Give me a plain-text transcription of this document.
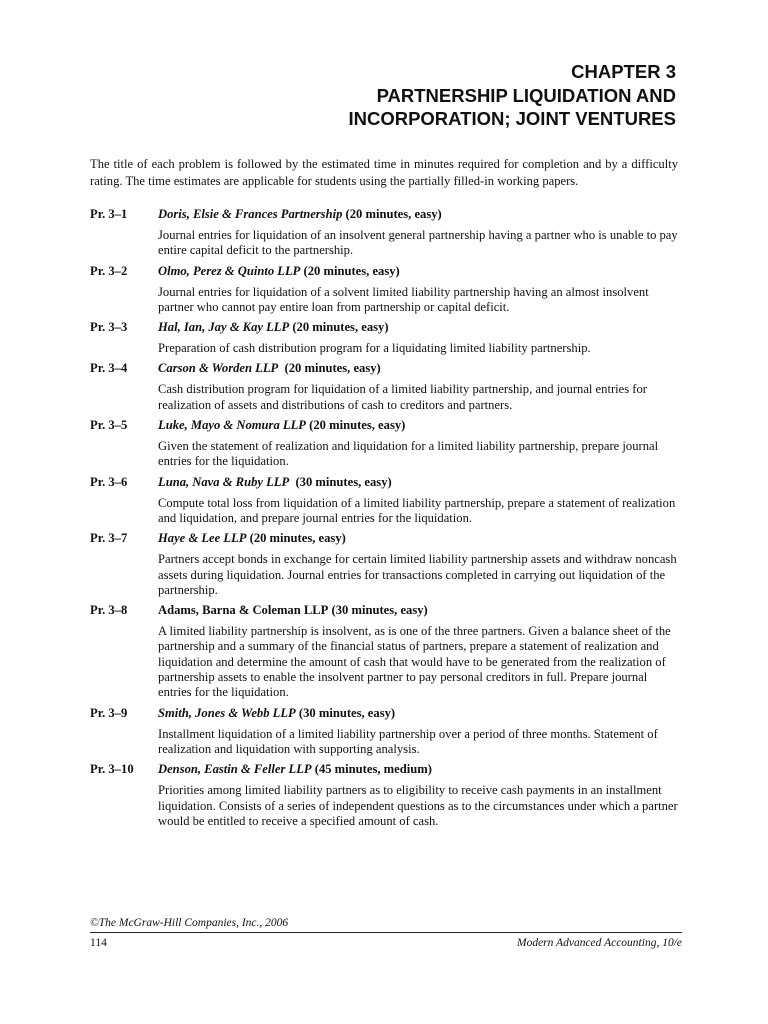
CHAPTER 3
PARTNERSHIP LIQUIDATION AND
INCORPORATION; JOINT VENTURES
The title of each problem is followed by the estimated time in minutes required for completion and by a difficulty rating. The time estimates are applicable for students using the partially filled-in working papers.
Pr. 3–1	Doris, Elsie & Frances Partnership (20 minutes, easy)
Journal entries for liquidation of an insolvent general partnership having a partner who is unable to pay entire capital deficit to the partnership.
Pr. 3–2	Olmo, Perez & Quinto LLP (20 minutes, easy)
Journal entries for liquidation of a solvent limited liability partnership having an almost insolvent partner who cannot pay entire loan from partnership or capital deficit.
Pr. 3–3	Hal, Ian, Jay & Kay LLP (20 minutes, easy)
Preparation of cash distribution program for a liquidating limited liability partnership.
Pr. 3–4	Carson & Worden LLP  (20 minutes, easy)
Cash distribution program for liquidation of a limited liability partnership, and journal entries for realization of assets and distributions of cash to creditors and partners.
Pr. 3–5	Luke, Mayo & Nomura LLP (20 minutes, easy)
Given the statement of realization and liquidation for a limited liability partnership, prepare journal entries for the liquidation.
Pr. 3–6	Luna, Nava & Ruby LLP  (30 minutes, easy)
Compute total loss from liquidation of a limited liability partnership, prepare a statement of realization and liquidation, and prepare journal entries for the liquidation.
Pr. 3–7	Haye & Lee LLP (20 minutes, easy)
Partners accept bonds in exchange for certain limited liability partnership assets and withdraw noncash assets during liquidation. Journal entries for transactions completed in carrying out liquidation of the partnership.
Pr. 3–8	Adams, Barna & Coleman LLP (30 minutes, easy)
A limited liability partnership is insolvent, as is one of the three partners. Given a balance sheet of the partnership and a summary of the financial status of partners, prepare a statement of realization and liquidation and determine the amount of cash that would have to be generated from the realization of partnership assets to enable the insolvent partner to pay personal creditors in full. Prepare journal entries for the liquidation.
Pr. 3–9	Smith, Jones & Webb LLP (30 minutes, easy)
Installment liquidation of a limited liability partnership over a period of three months. Statement of realization and liquidation with supporting analysis.
Pr. 3–10	Denson, Eastin & Feller LLP (45 minutes, medium)
Priorities among limited liability partners as to eligibility to receive cash payments in an installment liquidation. Consists of a series of independent questions as to the circumstances under which a partner would be entitled to receive a specified amount of cash.
©The McGraw-Hill Companies, Inc., 2006
114	Modern Advanced Accounting, 10/e
